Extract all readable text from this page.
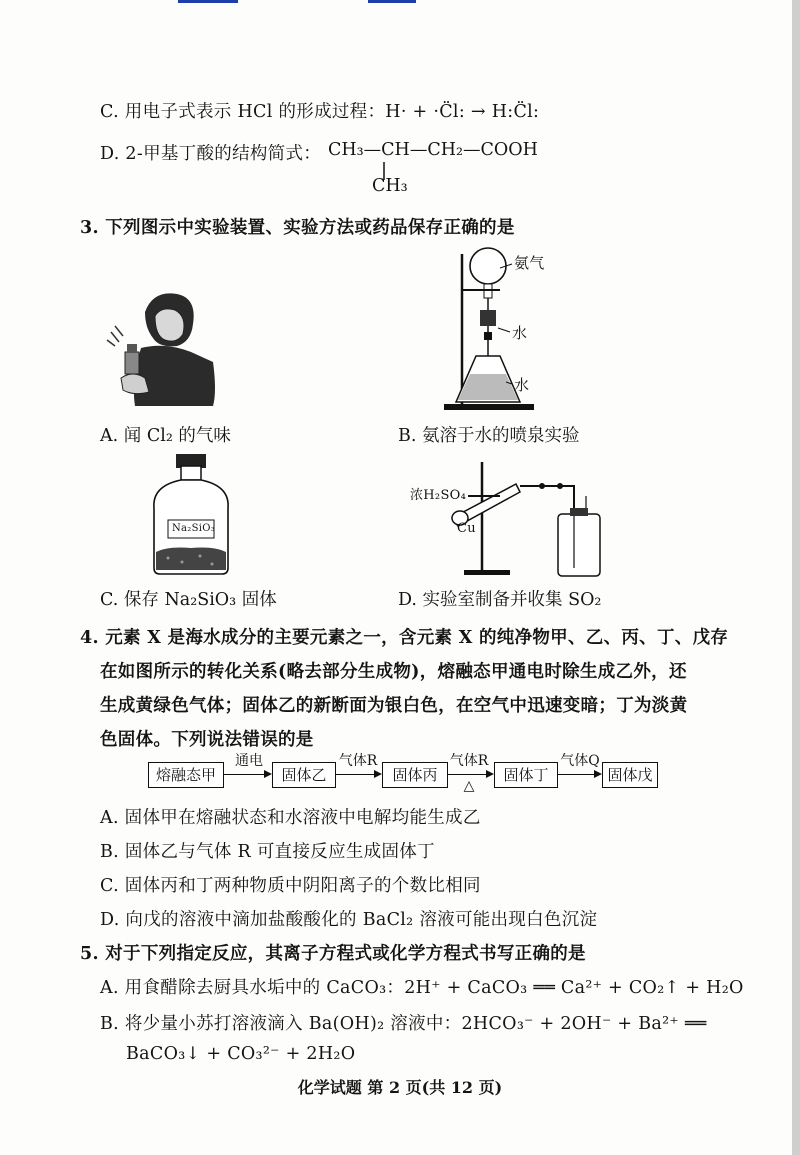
C. 用电子式表示 HCl 的形成过程：H· + ·C̈l: → H:C̈l:
D. 2-甲基丁酸的结构简式： CH₃—CH—CH₂—COOH
CH₃
3. 下列图示中实验装置、实验方法或药品保存正确的是
A. 闻 Cl₂ 的气味
氨气
水
水
B. 氨溶于水的喷泉实验
Na₂SiO₃
C. 保存 Na₂SiO₃ 固体
浓H₂SO₄
Cu
D. 实验室制备并收集 SO₂
4. 元素 X 是海水成分的主要元素之一，含元素 X 的纯净物甲、乙、丙、丁、戊存
在如图所示的转化关系(略去部分生成物)，熔融态甲通电时除生成乙外，还
生成黄绿色气体；固体乙的新断面为银白色，在空气中迅速变暗；丁为淡黄
色固体。下列说法错误的是
熔融态甲
通电
固体乙
气体R
固体丙
气体R
△
固体丁
气体Q
固体戊
A. 固体甲在熔融状态和水溶液中电解均能生成乙
B. 固体乙与气体 R 可直接反应生成固体丁
C. 固体丙和丁两种物质中阴阳离子的个数比相同
D. 向戊的溶液中滴加盐酸酸化的 BaCl₂ 溶液可能出现白色沉淀
5. 对于下列指定反应，其离子方程式或化学方程式书写正确的是
A. 用食醋除去厨具水垢中的 CaCO₃：2H⁺ + CaCO₃ ══ Ca²⁺ + CO₂↑ + H₂O
B. 将少量小苏打溶液滴入 Ba(OH)₂ 溶液中：2HCO₃⁻ + 2OH⁻ + Ba²⁺ ══
BaCO₃↓ + CO₃²⁻ + 2H₂O
化学试题 第 2 页(共 12 页)
